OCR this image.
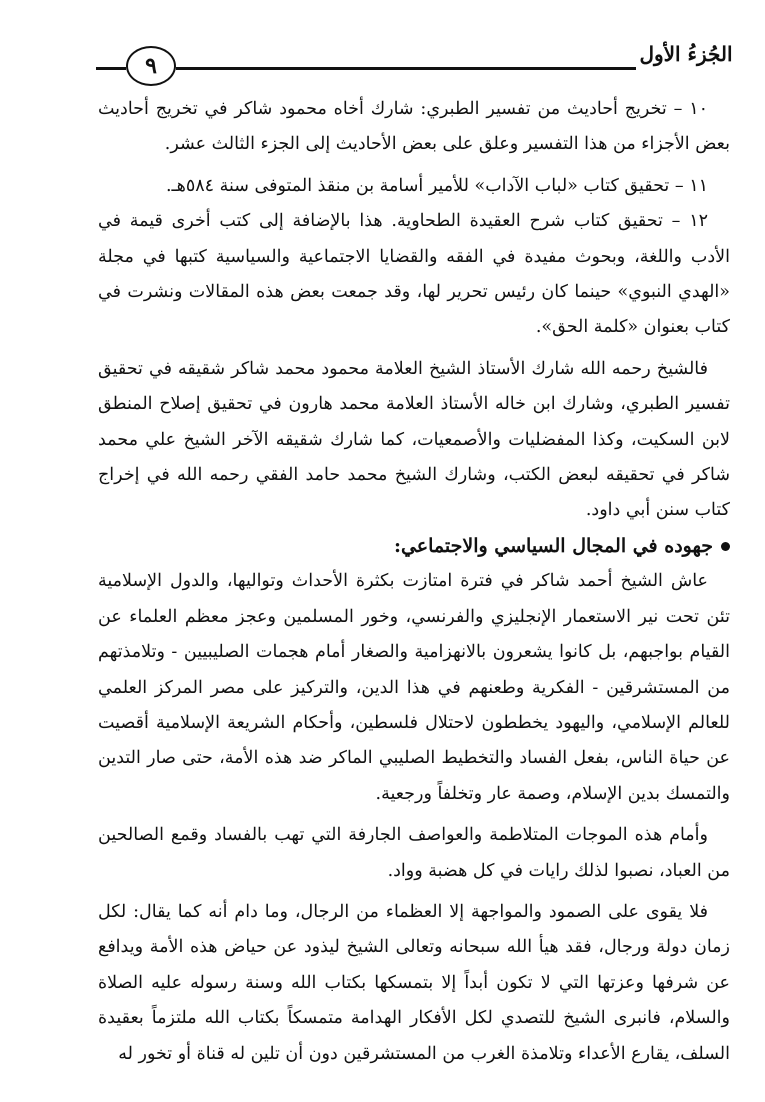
٩	الجُزءُ الأول

١٠ – تخريج أحاديث من تفسير الطبري: شارك أخاه محمود شاكر في تخريج أحاديث بعض الأجزاء من هذا التفسير وعلق على بعض الأحاديث إلى الجزء الثالث عشر.

١١ – تحقيق كتاب «لباب الآداب» للأمير أسامة بن منقذ المتوفى سنة ٥٨٤هـ.

١٢ – تحقيق كتاب شرح العقيدة الطحاوية. هذا بالإضافة إلى كتب أخرى قيمة في الأدب واللغة، وبحوث مفيدة في الفقه والقضايا الاجتماعية والسياسية كتبها في مجلة «الهدي النبوي» حينما كان رئيس تحرير لها، وقد جمعت بعض هذه المقالات ونشرت في كتاب بعنوان «كلمة الحق».

فالشيخ رحمه الله شارك الأستاذ الشيخ العلامة محمود محمد شاكر شقيقه في تحقيق تفسير الطبري، وشارك ابن خاله الأستاذ العلامة محمد هارون في تحقيق إصلاح المنطق لابن السكيت، وكذا المفضليات والأصمعيات، كما شارك شقيقه الآخر الشيخ علي محمد شاكر في تحقيقه لبعض الكتب، وشارك الشيخ محمد حامد الفقي رحمه الله في إخراج كتاب سنن أبي داود.

جهوده في المجال السياسي والاجتماعي:

عاش الشيخ أحمد شاكر في فترة امتازت بكثرة الأحداث وتواليها، والدول الإسلامية تئن تحت نير الاستعمار الإنجليزي والفرنسي، وخور المسلمين وعجز معظم العلماء عن القيام بواجبهم، بل كانوا يشعرون بالانهزامية والصغار أمام هجمات الصليبيين - وتلامذتهم من المستشرقين - الفكرية وطعنهم في هذا الدين، والتركيز على مصر المركز العلمي للعالم الإسلامي، واليهود يخططون لاحتلال فلسطين، وأحكام الشريعة الإسلامية أقصيت عن حياة الناس، بفعل الفساد والتخطيط الصليبي الماكر ضد هذه الأمة، حتى صار التدين والتمسك بدين الإسلام، وصمة عار وتخلفاً ورجعية.

وأمام هذه الموجات المتلاطمة والعواصف الجارفة التي تهب بالفساد وقمع الصالحين من العباد، نصبوا لذلك رايات في كل هضبة وواد.

فلا يقوى على الصمود والمواجهة إلا العظماء من الرجال، وما دام أنه كما يقال: لكل زمان دولة ورجال، فقد هيأ الله سبحانه وتعالى الشيخ ليذود عن حياض هذه الأمة ويدافع عن شرفها وعزتها التي لا تكون أبداً إلا بتمسكها بكتاب الله وسنة رسوله عليه الصلاة والسلام، فانبرى الشيخ للتصدي لكل الأفكار الهدامة متمسكاً بكتاب الله ملتزماً بعقيدة السلف، يقارع الأعداء وتلامذة الغرب من المستشرقين دون أن تلين له قناة أو تخور له
